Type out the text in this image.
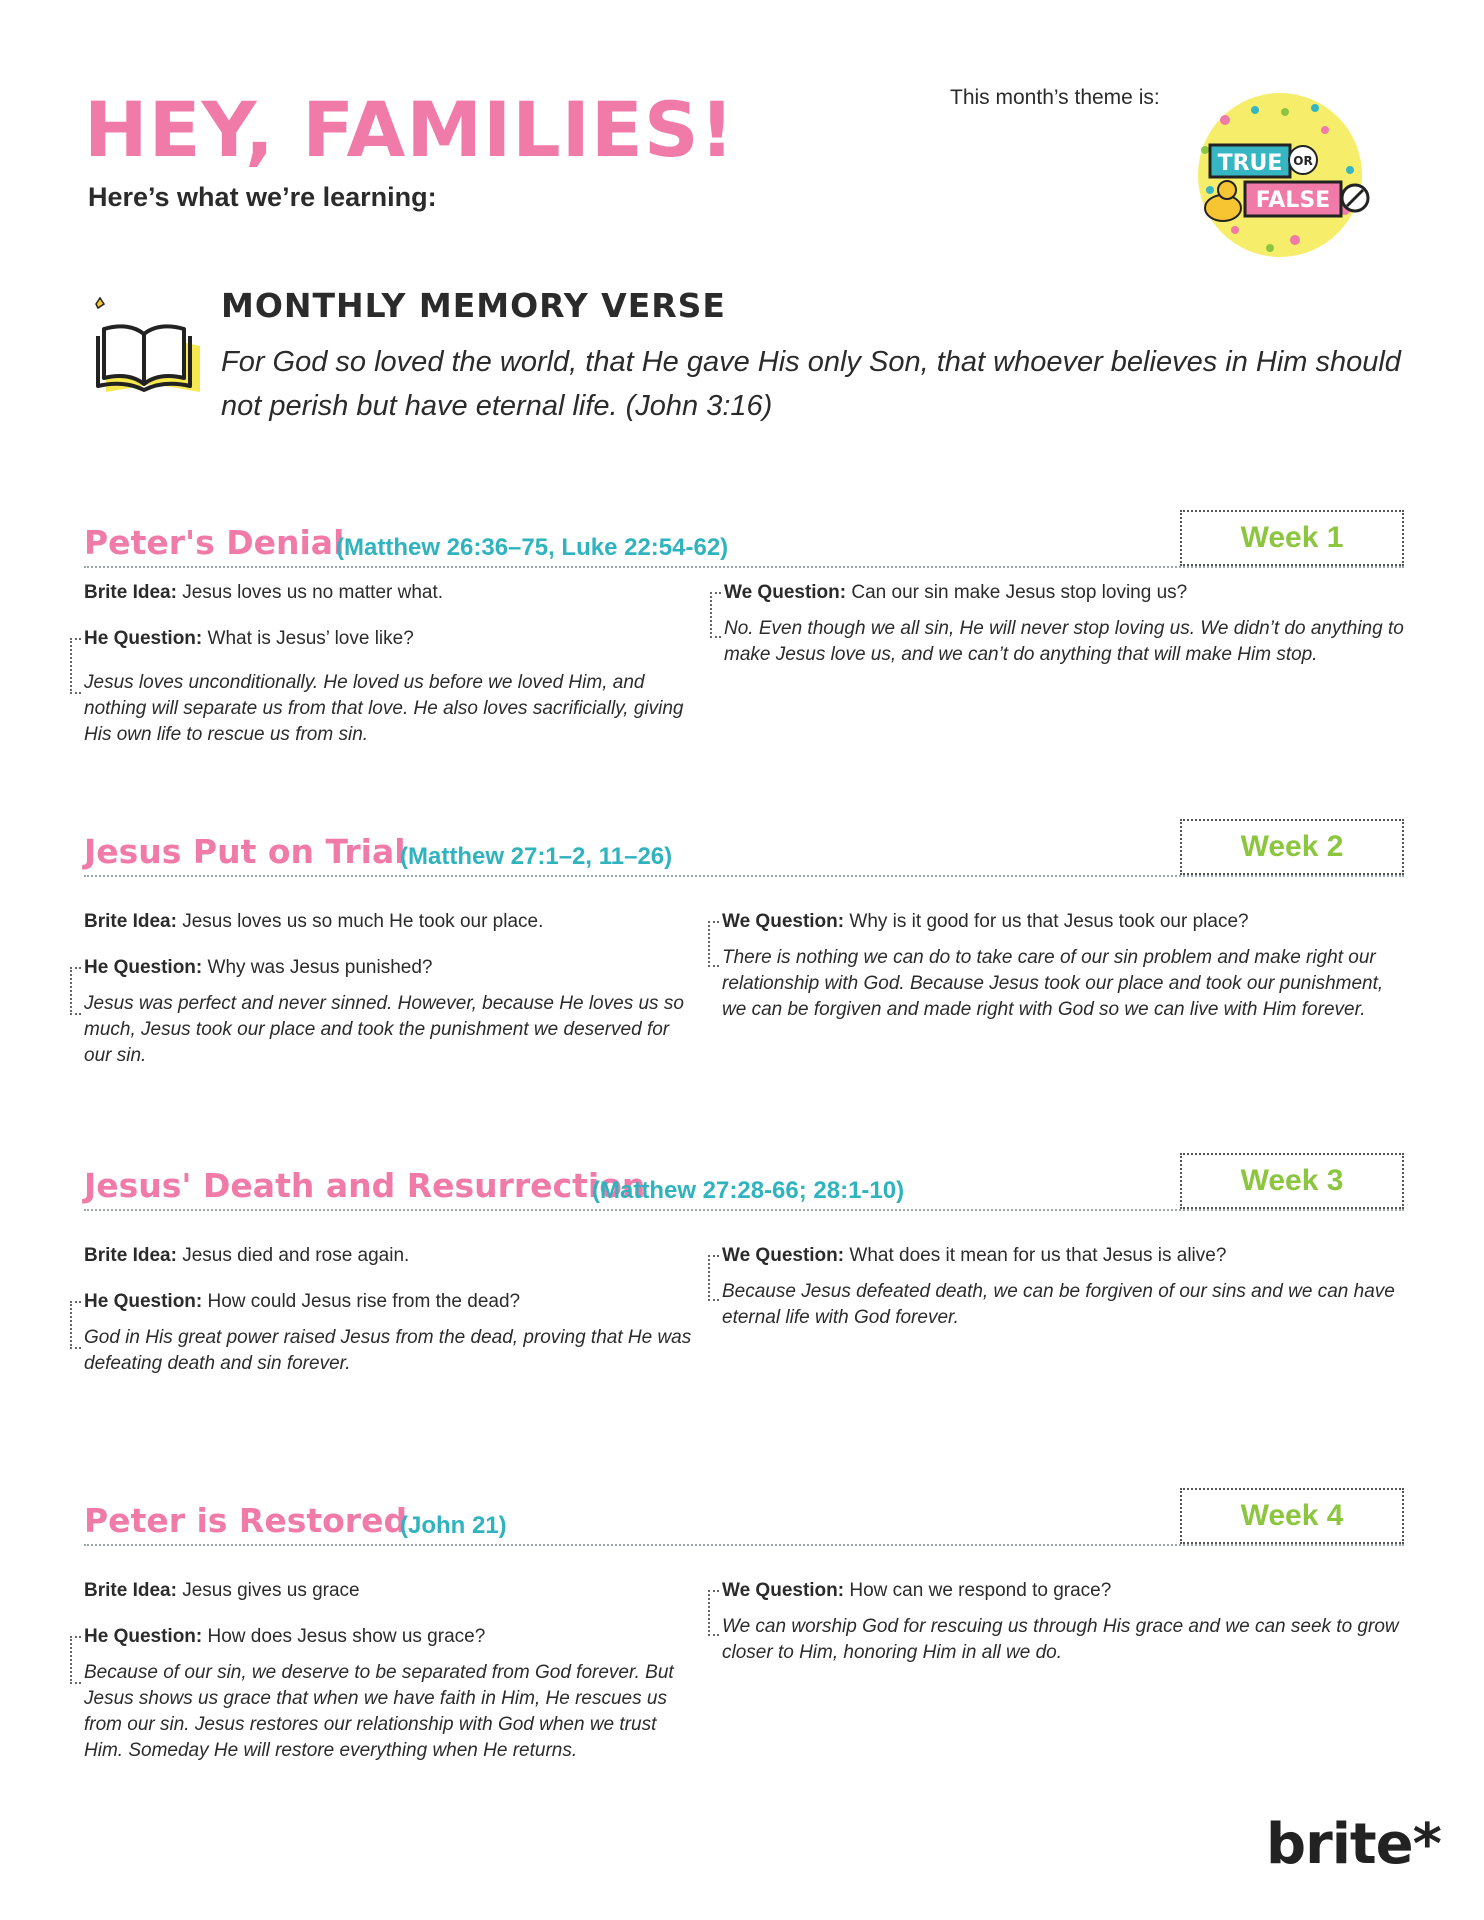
HEY, FAMILIES!
Here’s what we’re learning:
This month’s theme is:
TRUE OR
FALSE
MONTHLY MEMORY VERSE
For God so loved the world, that He gave His only Son, that whoever believes in Him should not perish but have eternal life. (John 3:16)
Peter's Denial
(Matthew 26:36–75, Luke 22:54-62)	Week 1
Brite Idea: Jesus loves us no matter what.
He Question: What is Jesus’ love like?
Jesus loves unconditionally. He loved us before we loved Him, and nothing will separate us from that love. He also loves sacrificially, giving His own life to rescue us from sin.
We Question: Can our sin make Jesus stop loving us?
No. Even though we all sin, He will never stop loving us. We didn’t do anything to make Jesus love us, and we can’t do anything that will make Him stop.
Jesus Put on Trial
(Matthew 27:1–2, 11–26)	Week 2
Brite Idea: Jesus loves us so much He took our place.
He Question: Why was Jesus punished?
Jesus was perfect and never sinned. However, because He loves us so much, Jesus took our place and took the punishment we deserved for our sin.
We Question: Why is it good for us that Jesus took our place?
There is nothing we can do to take care of our sin problem and make right our relationship with God. Because Jesus took our place and took our punishment, we can be forgiven and made right with God so we can live with Him forever.
Jesus' Death and Resurrection
(Matthew 27:28-66; 28:1-10)	Week 3
Brite Idea: Jesus died and rose again.
He Question: How could Jesus rise from the dead?
God in His great power raised Jesus from the dead, proving that He was defeating death and sin forever.
We Question: What does it mean for us that Jesus is alive?
Because Jesus defeated death, we can be forgiven of our sins and we can have eternal life with God forever.
Peter is Restored
(John 21)	Week 4
Brite Idea: Jesus gives us grace
He Question: How does Jesus show us grace?
Because of our sin, we deserve to be separated from God forever. But Jesus shows us grace that when we have faith in Him, He rescues us from our sin. Jesus restores our relationship with God when we trust Him. Someday He will restore everything when He returns.
We Question: How can we respond to grace?
We can worship God for rescuing us through His grace and we can seek to grow closer to Him, honoring Him in all we do.
brite*
